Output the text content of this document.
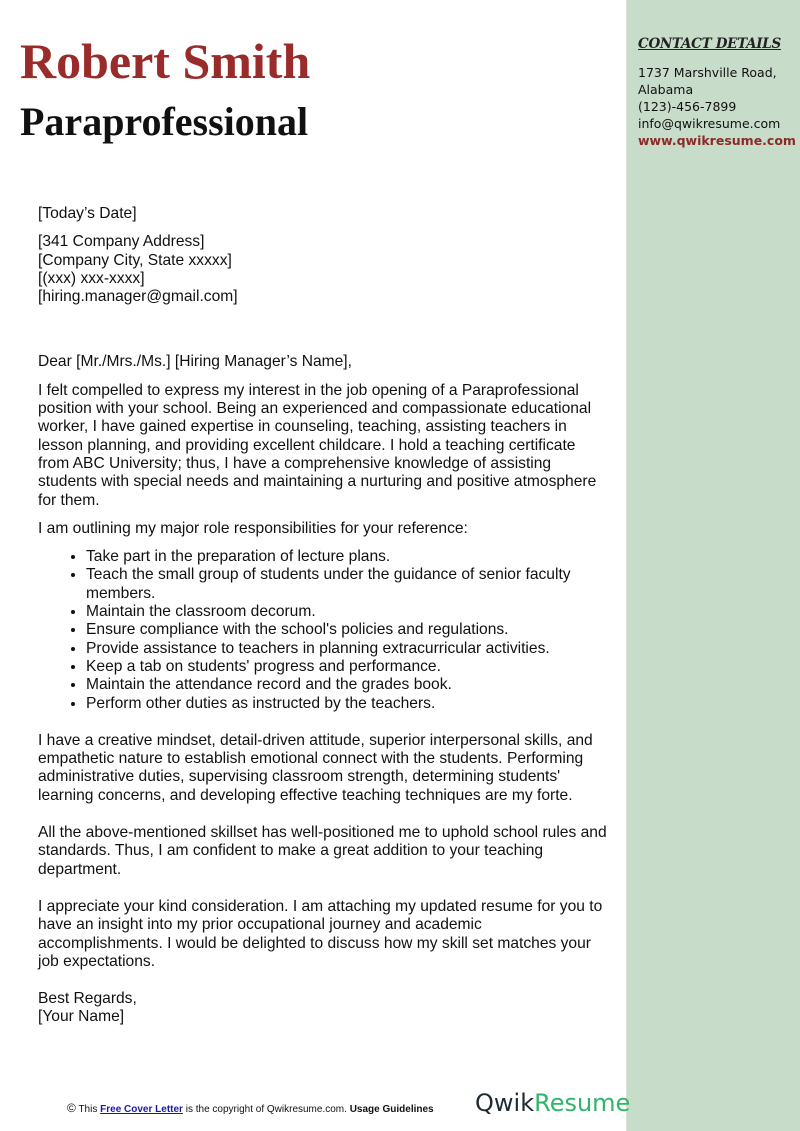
Robert Smith
Paraprofessional
CONTACT DETAILS
1737 Marshville Road,
Alabama
(123)-456-7899
info@qwikresume.com
www.qwikresume.com

[Today’s Date]

[341 Company Address]
[Company City, State xxxxx]
[(xxx) xxx-xxxx]
[hiring.manager@gmail.com]

Dear [Mr./Mrs./Ms.] [Hiring Manager’s Name],

I felt compelled to express my interest in the job opening of a Paraprofessional position with your school. Being an experienced and compassionate educational worker, I have gained expertise in counseling, teaching, assisting teachers in lesson planning, and providing excellent childcare. I hold a teaching certificate from ABC University; thus, I have a comprehensive knowledge of assisting students with special needs and maintaining a nurturing and positive atmosphere for them.

I am outlining my major role responsibilities for your reference:

• Take part in the preparation of lecture plans.
• Teach the small group of students under the guidance of senior faculty members.
• Maintain the classroom decorum.
• Ensure compliance with the school's policies and regulations.
• Provide assistance to teachers in planning extracurricular activities.
• Keep a tab on students' progress and performance.
• Maintain the attendance record and the grades book.
• Perform other duties as instructed by the teachers.

I have a creative mindset, detail-driven attitude, superior interpersonal skills, and empathetic nature to establish emotional connect with the students. Performing administrative duties, supervising classroom strength, determining students' learning concerns, and developing effective teaching techniques are my forte.

All the above-mentioned skillset has well-positioned me to uphold school rules and standards. Thus, I am confident to make a great addition to your teaching department.

I appreciate your kind consideration. I am attaching my updated resume for you to have an insight into my prior occupational journey and academic accomplishments. I would be delighted to discuss how my skill set matches your job expectations.

Best Regards,
[Your Name]

© This Free Cover Letter is the copyright of Qwikresume.com. Usage Guidelines QwikResume
